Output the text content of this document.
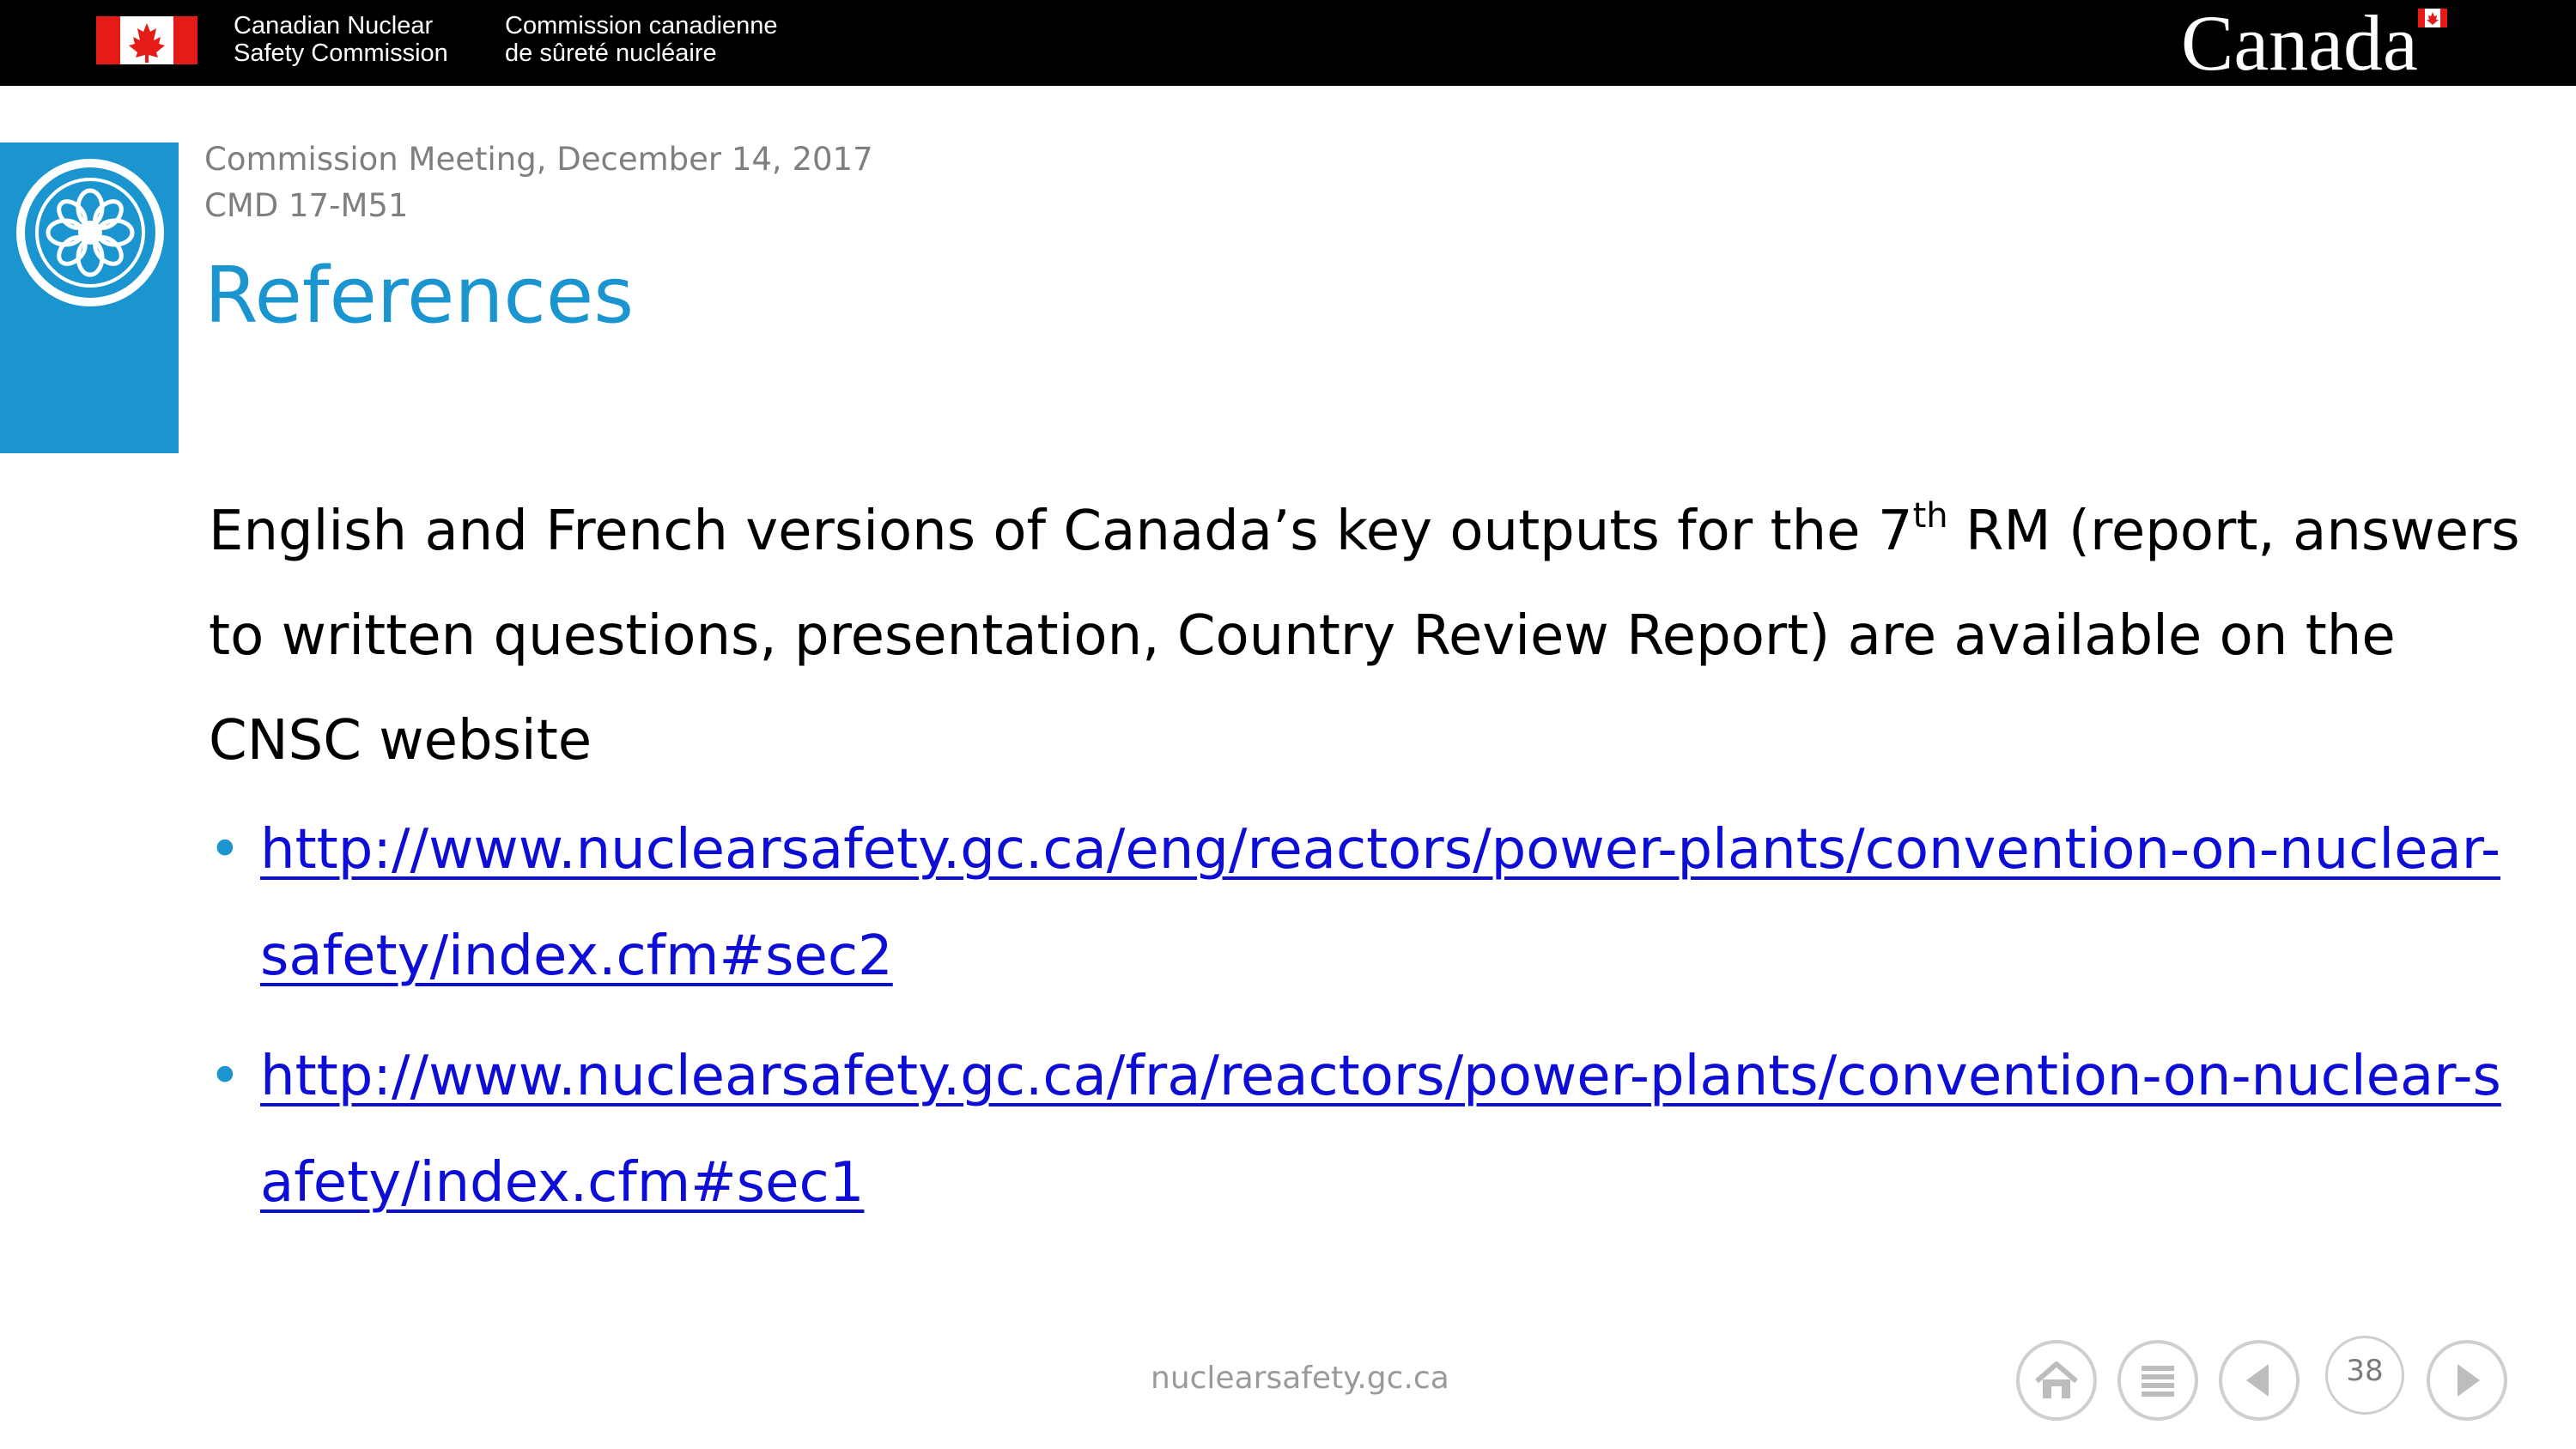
Canadian Nuclear
Safety Commission
Commission canadienne
de sûreté nucléaire	Canada
Commission Meeting, December 14, 2017
CMD 17-M51
References
English and French versions of Canada’s key outputs for the 7th RM (report, answers to written questions, presentation, Country Review Report) are available on the CNSC website
• http://www.nuclearsafety.gc.ca/eng/reactors/power-plants/convention-on-nuclear-safety/index.cfm#sec2
• http://www.nuclearsafety.gc.ca/fra/reactors/power-plants/convention-on-nuclear-safety/index.cfm#sec1
nuclearsafety.gc.ca	38
